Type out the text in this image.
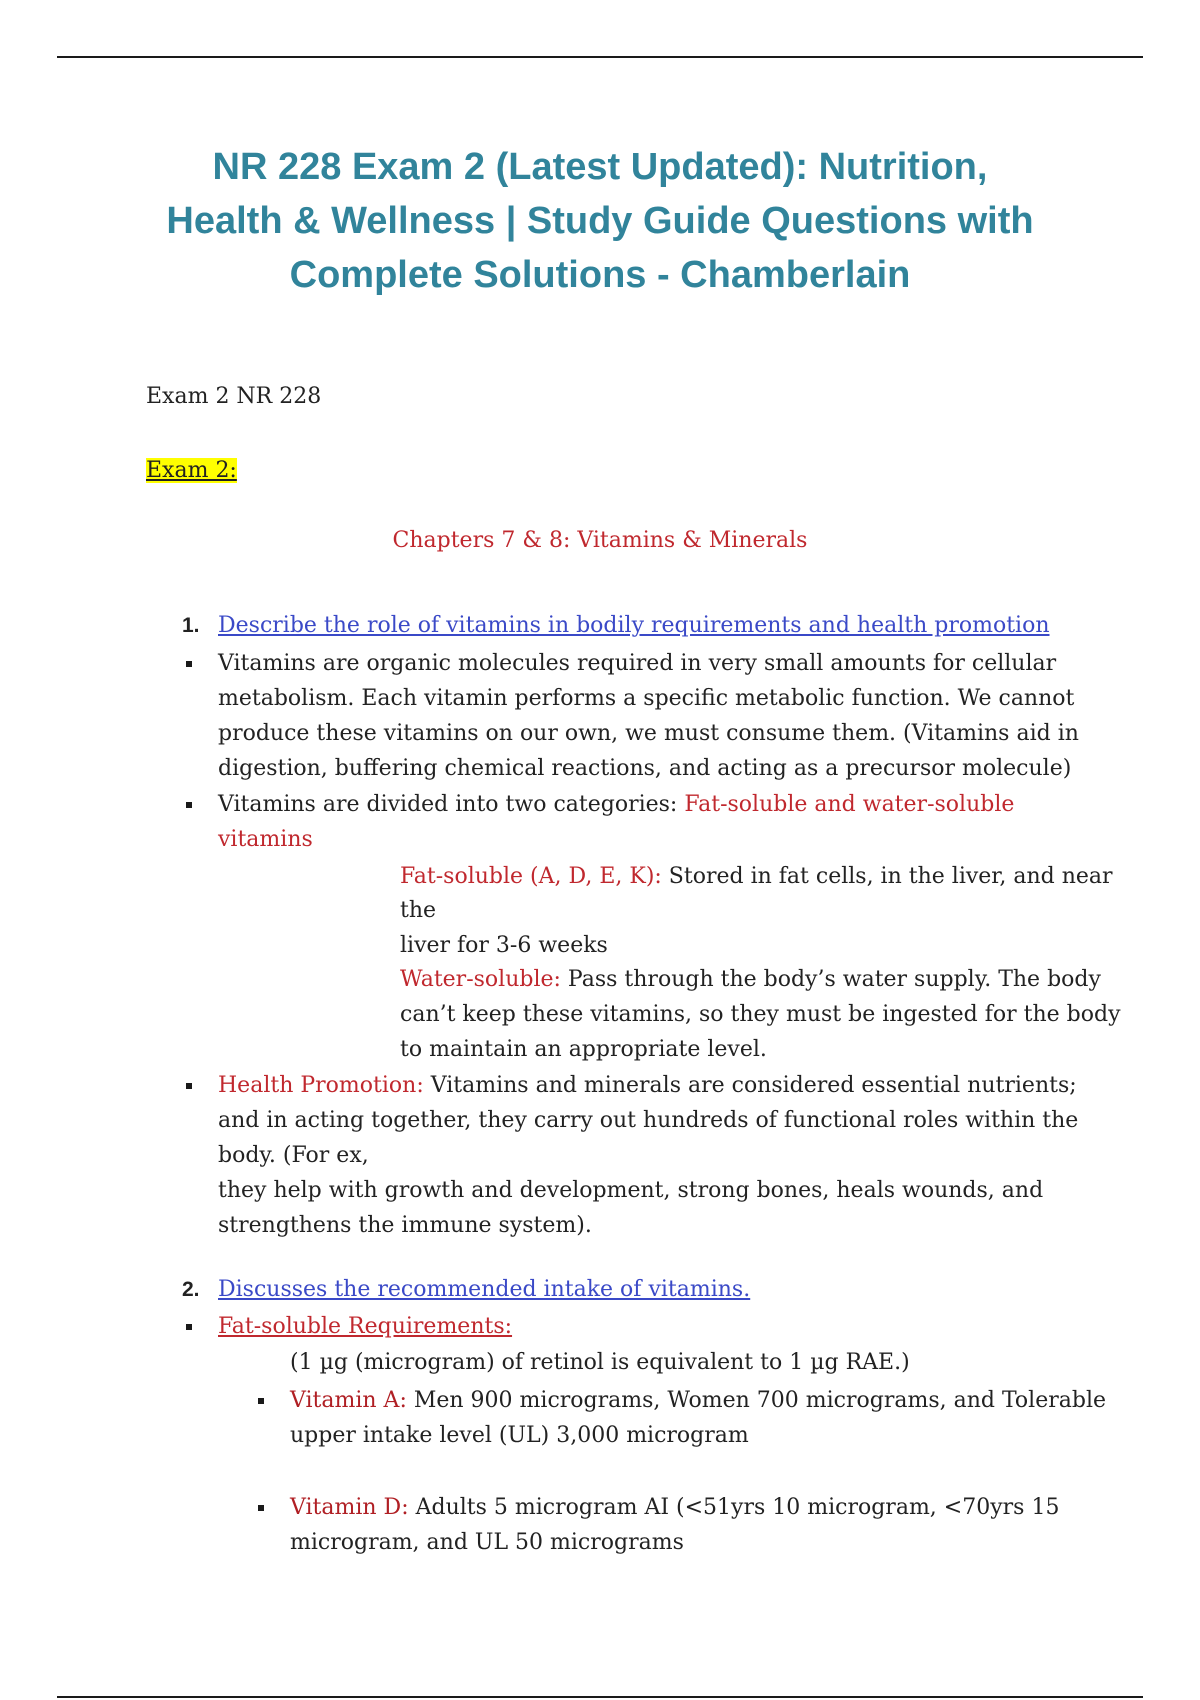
NR 228 Exam 2 (Latest Updated): Nutrition,
Health & Wellness | Study Guide Questions with
Complete Solutions - Chamberlain

Exam 2 NR 228

Exam 2:

Chapters 7 & 8: Vitamins & Minerals

1. Describe the role of vitamins in bodily requirements and health promotion

Vitamins are organic molecules required in very small amounts for cellular

metabolism. Each vitamin performs a specific metabolic function. We cannot

produce these vitamins on our own, we must consume them. (Vitamins aid in

digestion, buffering chemical reactions, and acting as a precursor molecule)

Vitamins are divided into two categories: Fat-soluble and water-soluble

vitamins

Fat-soluble (A, D, E, K): Stored in fat cells, in the liver, and near

the

liver for 3-6 weeks

Water-soluble: Pass through the body’s water supply. The body

can’t keep these vitamins, so they must be ingested for the body

to maintain an appropriate level.

Health Promotion: Vitamins and minerals are considered essential nutrients;

and in acting together, they carry out hundreds of functional roles within the

body. (For ex,

they help with growth and development, strong bones, heals wounds, and

strengthens the immune system).

2. Discusses the recommended intake of vitamins.

Fat-soluble Requirements:

(1 µg (microgram) of retinol is equivalent to 1 µg RAE.)

Vitamin A: Men 900 micrograms, Women 700 micrograms, and Tolerable

upper intake level (UL) 3,000 microgram

Vitamin D: Adults 5 microgram AI (<51yrs 10 microgram, <70yrs 15

microgram, and UL 50 micrograms
